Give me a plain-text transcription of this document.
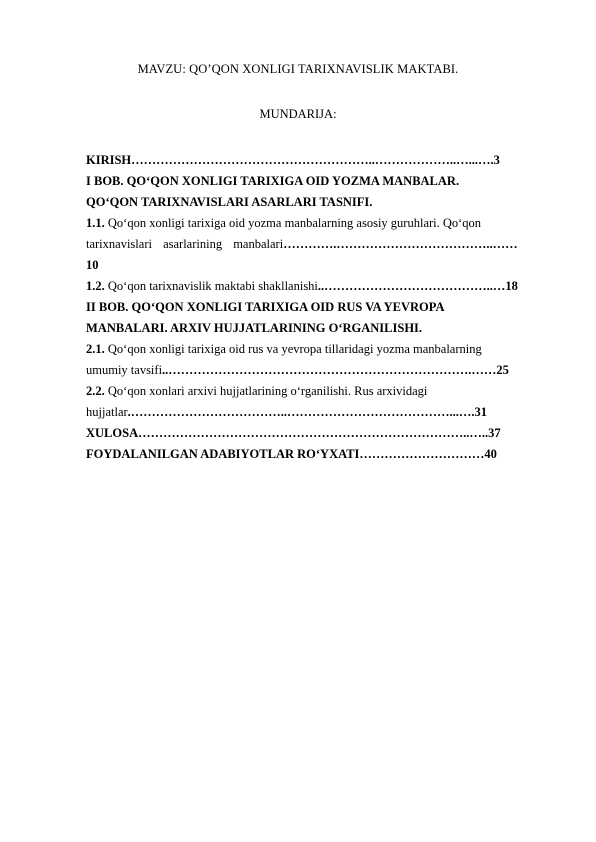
MAVZU: QO’QON XONLIGI TARIXNAVISLIK MAKTABI.
MUNDARIJA:
KIRISH…………………………………………………..………………..…...….3
I BOB. QO‘QON XONLIGI TARIXIGA OID YOZMA MANBALAR.
QO‘QON TARIXNAVISLARI ASARLARI TASNIFI.
1.1. Qo‘qon xonligi tarixiga oid yozma manbalarning asosiy guruhlari. Qo‘qon
tarixnavislari asarlarining manbalari………….………………………………..……
10
1.2. Qo‘qon tarixnavislik maktabi shakllanishi..…………………………………..…18
II BOB. QO‘QON XONLIGI TARIXIGA OID RUS VA YEVROPA
MANBALARI. ARXIV HUJJATLARINING O‘RGANILISHI.
2.1. Qo‘qon xonligi tarixiga oid rus va yevropa tillaridagi yozma manbalarning
umumiy tavsifi..……………………………………………………………….……25
2.2. Qo‘qon xonlari arxivi hujjatlarining o‘rganilishi. Rus arxividagi
hujjatlar.………………………………..…………………………………...….31
XULOSA……………………………………………………………………..…..37
FOYDALANILGAN ADABIYOTLAR RO‘YXATI…………………………40
